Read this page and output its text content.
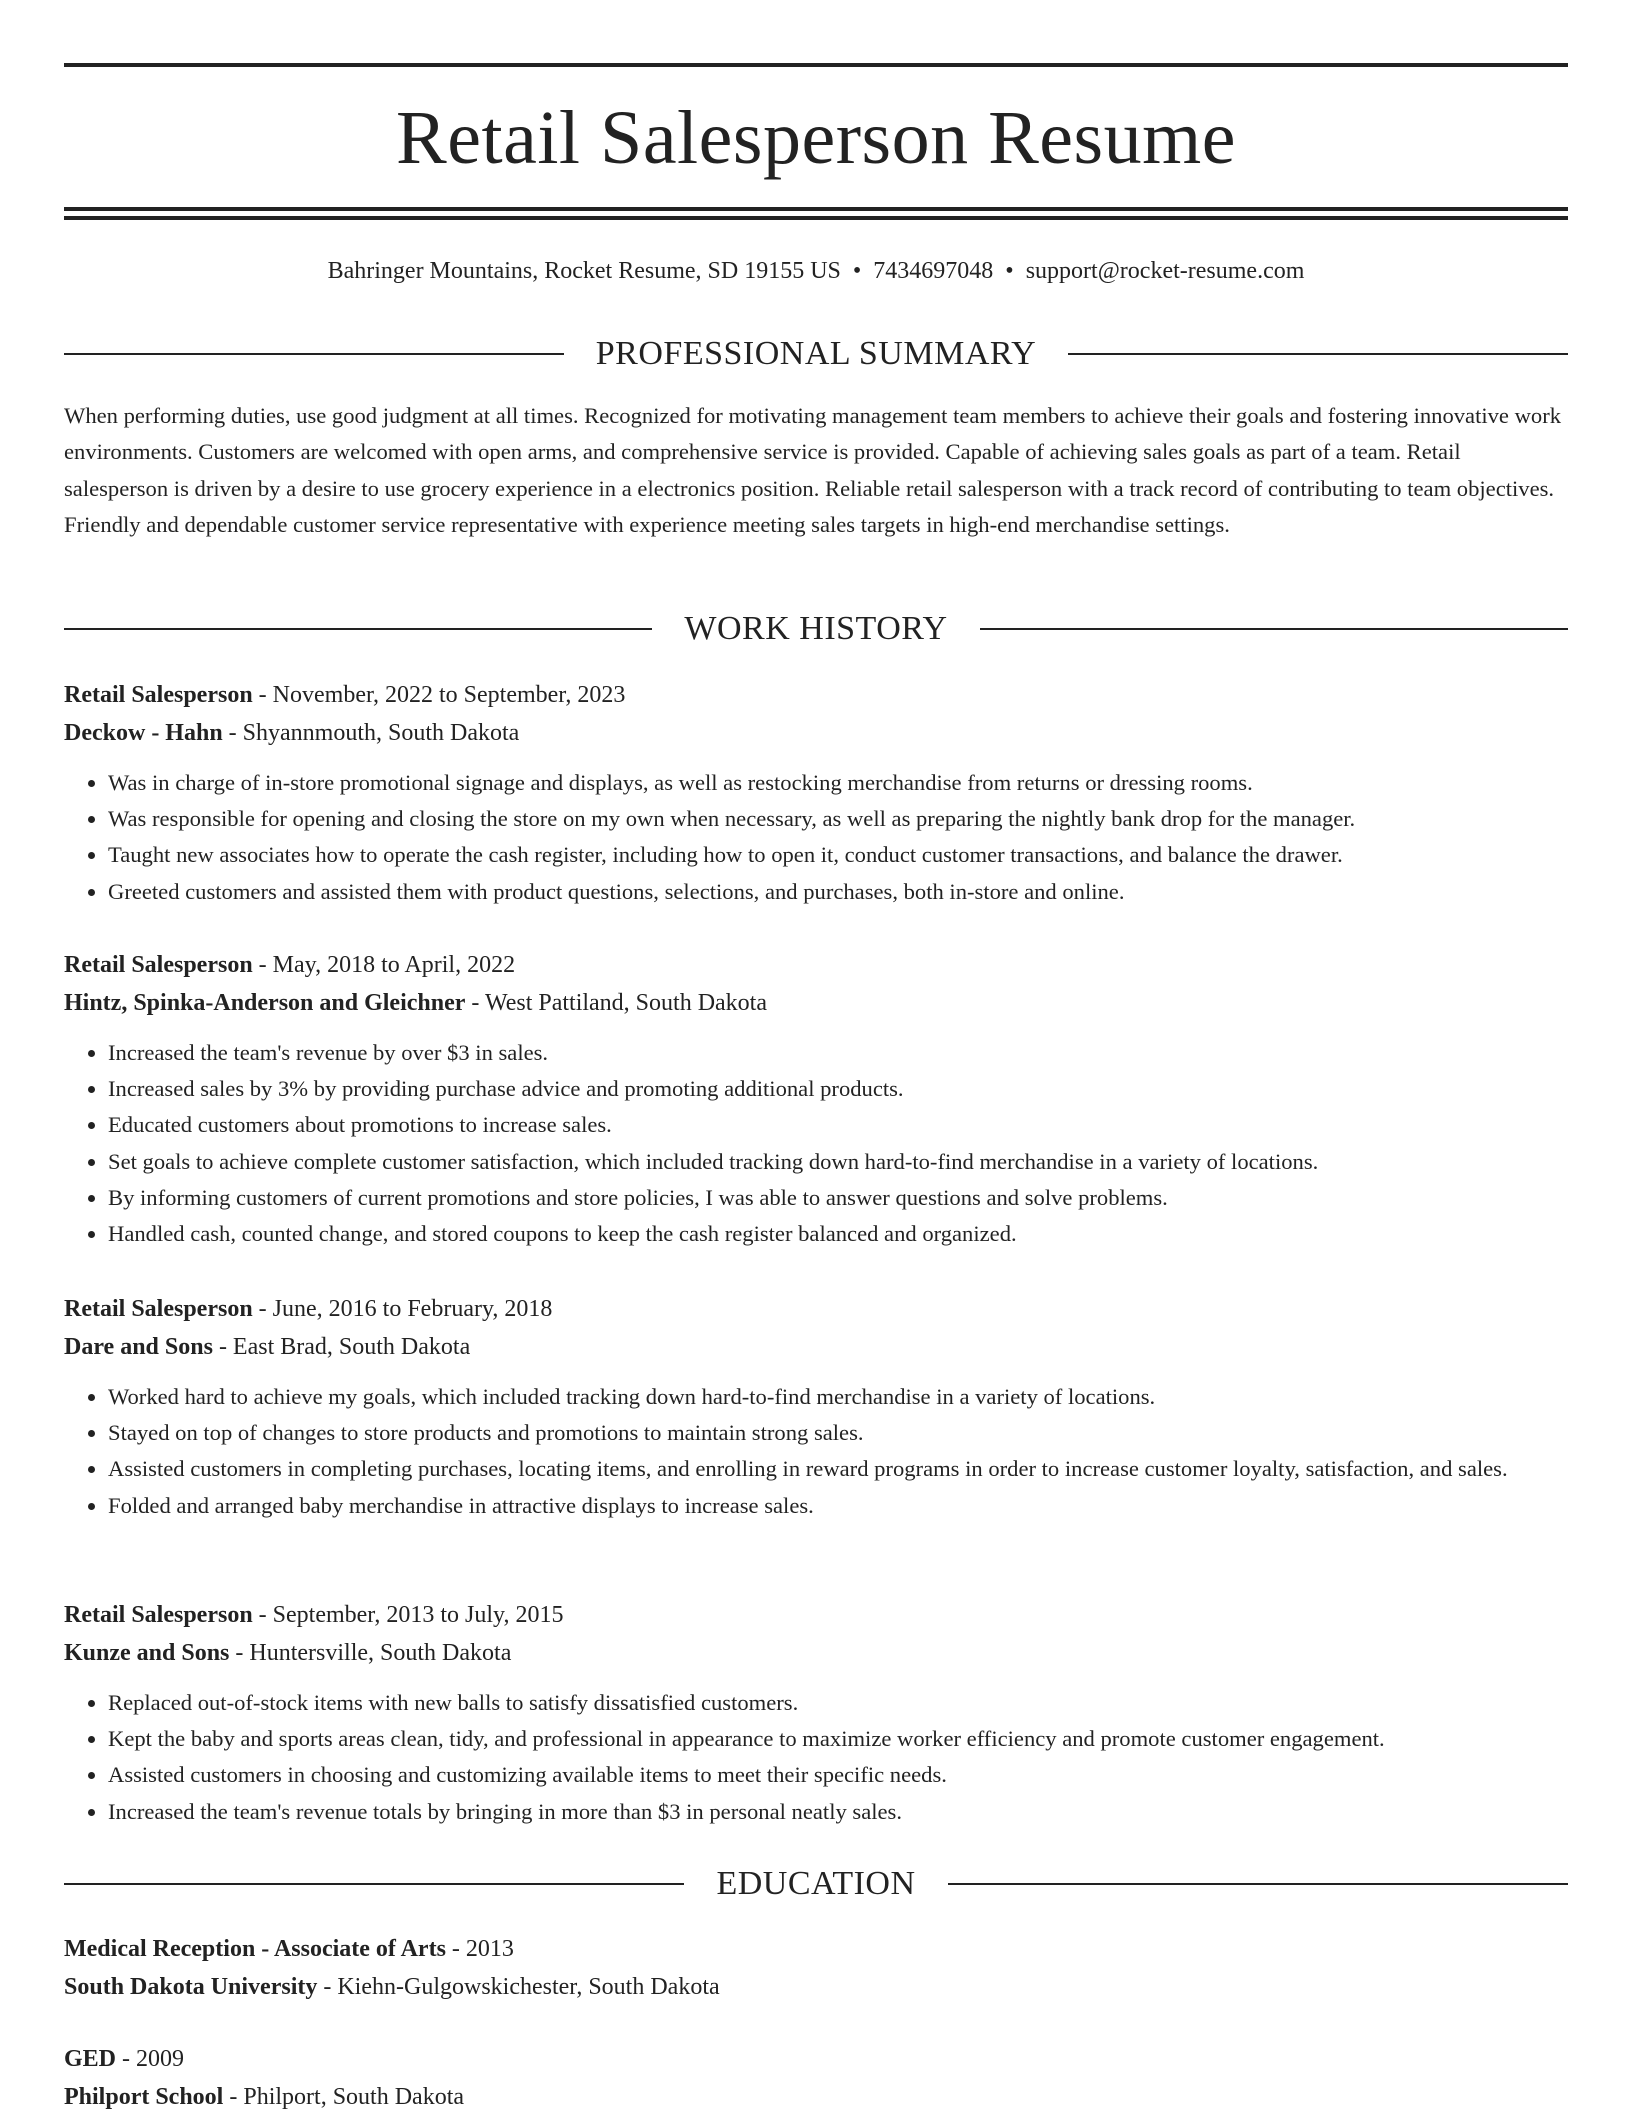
Retail Salesperson Resume
Bahringer Mountains, Rocket Resume, SD 19155 US • 7434697048 • support@rocket-resume.com
PROFESSIONAL SUMMARY

When performing duties, use good judgment at all times. Recognized for motivating management team members to achieve their goals and fostering innovative work environments. Customers are welcomed with open arms, and comprehensive service is provided. Capable of achieving sales goals as part of a team. Retail salesperson is driven by a desire to use grocery experience in a electronics position. Reliable retail salesperson with a track record of contributing to team objectives. Friendly and dependable customer service representative with experience meeting sales targets in high-end merchandise settings.

WORK HISTORY

Retail Salesperson - November, 2022 to September, 2023

Deckow - Hahn - Shyannmouth, South Dakota

• Was in charge of in-store promotional signage and displays, as well as restocking merchandise from returns or dressing rooms.
• Was responsible for opening and closing the store on my own when necessary, as well as preparing the nightly bank drop for the manager.
• Taught new associates how to operate the cash register, including how to open it, conduct customer transactions, and balance the drawer.
• Greeted customers and assisted them with product questions, selections, and purchases, both in-store and online.

Retail Salesperson - May, 2018 to April, 2022

Hintz, Spinka-Anderson and Gleichner - West Pattiland, South Dakota

• Increased the team's revenue by over $3 in sales.
• Increased sales by 3% by providing purchase advice and promoting additional products.
• Educated customers about promotions to increase sales.
• Set goals to achieve complete customer satisfaction, which included tracking down hard-to-find merchandise in a variety of locations.
• By informing customers of current promotions and store policies, I was able to answer questions and solve problems.
• Handled cash, counted change, and stored coupons to keep the cash register balanced and organized.

Retail Salesperson - June, 2016 to February, 2018

Dare and Sons - East Brad, South Dakota

• Worked hard to achieve my goals, which included tracking down hard-to-find merchandise in a variety of locations.
• Stayed on top of changes to store products and promotions to maintain strong sales.
• Assisted customers in completing purchases, locating items, and enrolling in reward programs in order to increase customer loyalty, satisfaction, and sales.
• Folded and arranged baby merchandise in attractive displays to increase sales.

Retail Salesperson - September, 2013 to July, 2015

Kunze and Sons - Huntersville, South Dakota

• Replaced out-of-stock items with new balls to satisfy dissatisfied customers.
• Kept the baby and sports areas clean, tidy, and professional in appearance to maximize worker efficiency and promote customer engagement.
• Assisted customers in choosing and customizing available items to meet their specific needs.
• Increased the team's revenue totals by bringing in more than $3 in personal neatly sales.
EDUCATION

Medical Reception - Associate of Arts - 2013

South Dakota University - Kiehn-Gulgowskichester, South Dakota

GED - 2009

Philport School - Philport, South Dakota
